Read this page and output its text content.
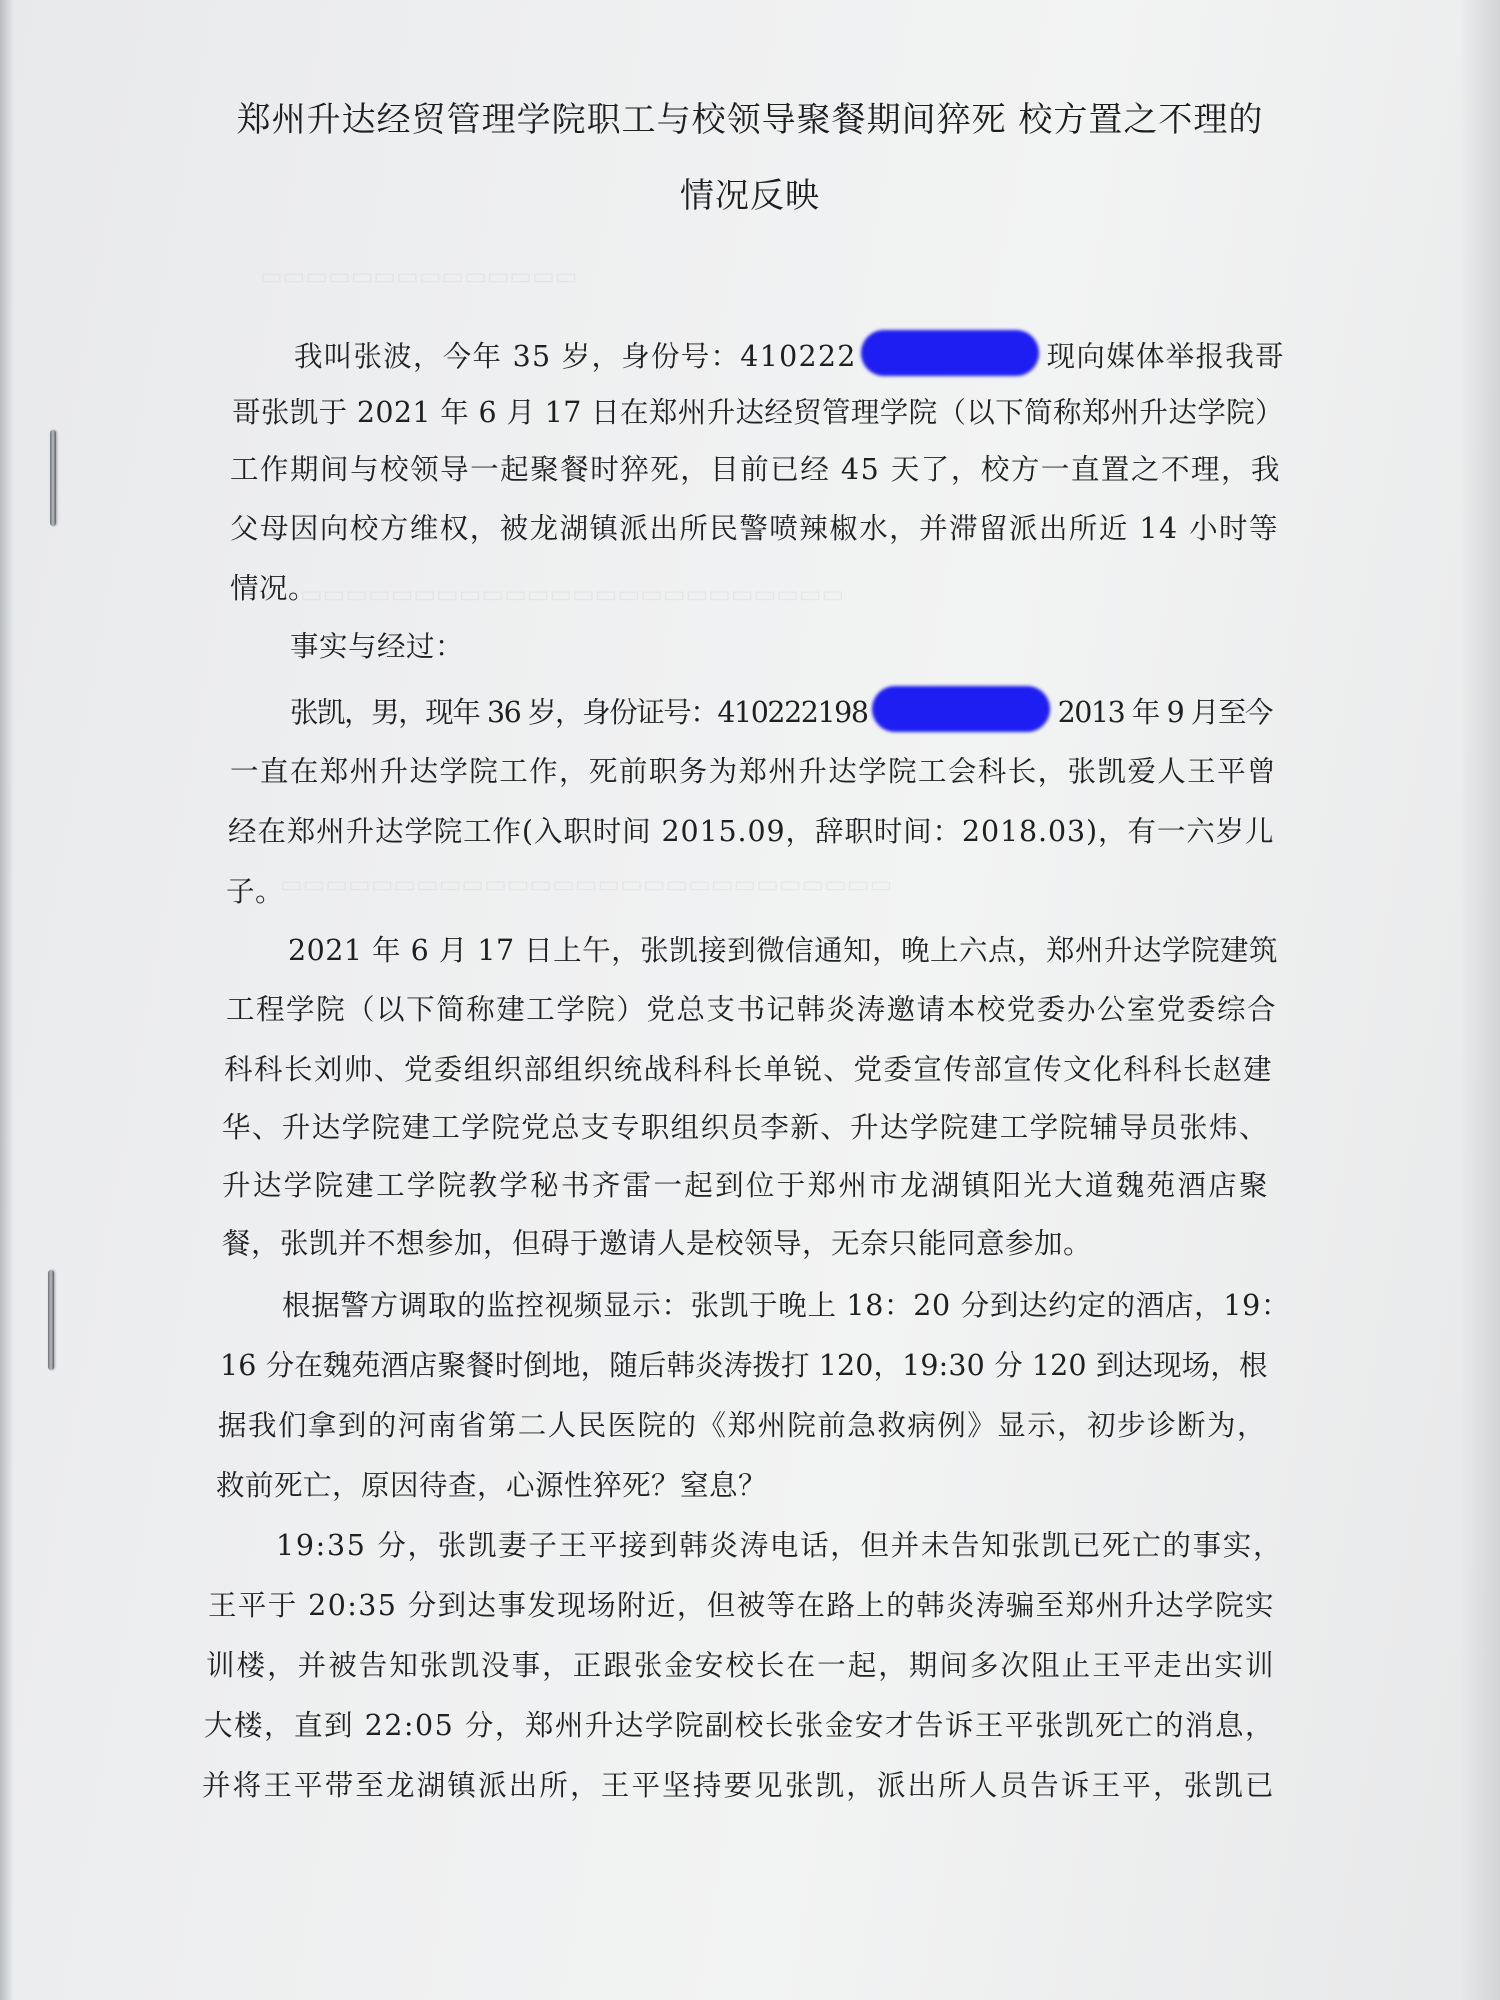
▭▭▭▭▭▭▭▭▭▭▭▭▭▭
▭▭▭▭▭▭▭▭▭▭▭▭▭▭▭▭▭▭▭▭▭▭▭▭
▭▭▭▭▭▭▭▭▭▭▭▭▭▭▭▭▭▭▭▭▭▭▭▭▭▭▭
郑州升达经贸管理学院职工与校领导聚餐期间猝死 校方置之不理的
情况反映
我叫张波，今年 35 岁，身份号：410222	现向媒体举报我哥
哥张凯于 2021 年 6 月 17 日在郑州升达经贸管理学院（以下简称郑州升达学院）
工作期间与校领导一起聚餐时猝死，目前已经 45 天了，校方一直置之不理，我
父母因向校方维权，被龙湖镇派出所民警喷辣椒水，并滞留派出所近 14 小时等
情况。
事实与经过：
张凯，男，现年 36 岁，身份证号：410222198	2013 年 9 月至今
一直在郑州升达学院工作，死前职务为郑州升达学院工会科长，张凯爱人王平曾
经在郑州升达学院工作(入职时间 2015.09，辞职时间：2018.03)，有一六岁儿
子。
2021 年 6 月 17 日上午，张凯接到微信通知，晚上六点，郑州升达学院建筑
工程学院（以下简称建工学院）党总支书记韩炎涛邀请本校党委办公室党委综合
科科长刘帅、党委组织部组织统战科科长单锐、党委宣传部宣传文化科科长赵建
华、升达学院建工学院党总支专职组织员李新、升达学院建工学院辅导员张炜、
升达学院建工学院教学秘书齐雷一起到位于郑州市龙湖镇阳光大道魏苑酒店聚
餐，张凯并不想参加，但碍于邀请人是校领导，无奈只能同意参加。
根据警方调取的监控视频显示：张凯于晚上 18：20 分到达约定的酒店，19：
16 分在魏苑酒店聚餐时倒地，随后韩炎涛拨打 120，19:30 分 120 到达现场，根
据我们拿到的河南省第二人民医院的《郑州院前急救病例》显示，初步诊断为，
救前死亡，原因待查，心源性猝死？窒息？
19:35 分，张凯妻子王平接到韩炎涛电话，但并未告知张凯已死亡的事实，
王平于 20:35 分到达事发现场附近，但被等在路上的韩炎涛骗至郑州升达学院实
训楼，并被告知张凯没事，正跟张金安校长在一起，期间多次阻止王平走出实训
大楼，直到 22:05 分，郑州升达学院副校长张金安才告诉王平张凯死亡的消息，
并将王平带至龙湖镇派出所，王平坚持要见张凯，派出所人员告诉王平，张凯已
